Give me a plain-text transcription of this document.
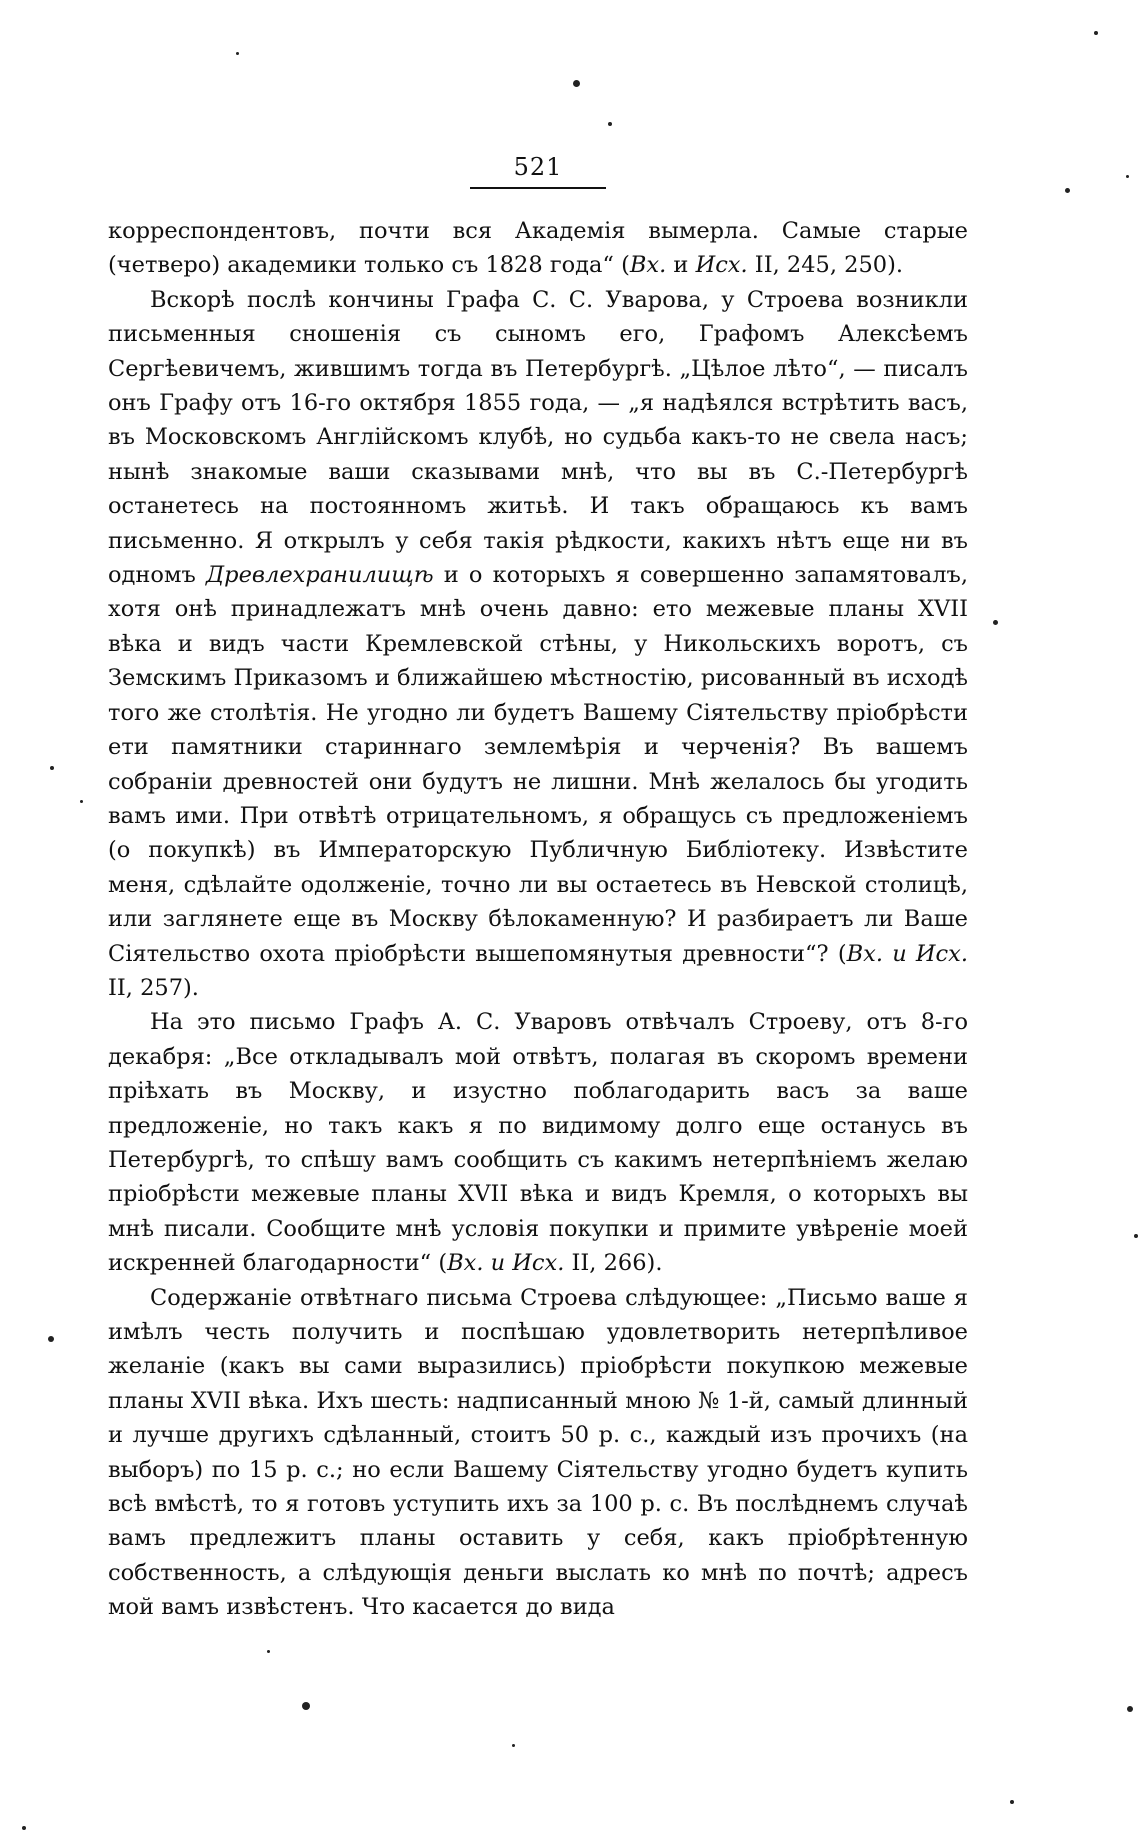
521

корреспондентовъ, почти вся Академія вымерла. Самые старые (четверо) академики только съ 1828 года“ (Вх. и Исх. II, 245, 250).

Вскорѣ послѣ кончины Графа С. С. Уварова, у Строева возникли письменныя сношенія съ сыномъ его, Графомъ Алексѣемъ Сергѣевичемъ, жившимъ тогда въ Петербургѣ. „Цѣлое лѣто“, — писалъ онъ Графу отъ 16-го октября 1855 года, — „я надѣялся встрѣтить васъ, въ Московскомъ Англійскомъ клубѣ, но судьба какъ-то не свела насъ; нынѣ знакомые ваши сказывами мнѣ, что вы въ С.-Петербургѣ останетесь на постоянномъ житьѣ. И такъ обращаюсь къ вамъ письменно. Я открылъ у себя такія рѣдкости, какихъ нѣтъ еще ни въ одномъ Древлехранилищѣ и о которыхъ я совершенно запамятовалъ, хотя онѣ принадлежатъ мнѣ очень давно: ето межевые планы XVII вѣка и видъ части Кремлевской стѣны, у Никольскихъ воротъ, съ Земскимъ Приказомъ и ближайшею мѣстностію, рисованный въ исходѣ того же столѣтія. Не угодно ли будетъ Вашему Сіятельству пріобрѣсти ети памятники стариннаго землемѣрія и черченія? Въ вашемъ собраніи древностей они будутъ не лишни. Мнѣ желалось бы угодить вамъ ими. При отвѣтѣ отрицательномъ, я обращусь съ предложеніемъ (о покупкѣ) въ Императорскую Публичную Библіотеку. Извѣстите меня, сдѣлайте одолженіе, точно ли вы остаетесь въ Невской столицѣ, или заглянете еще въ Москву бѣлокаменную? И разбираетъ ли Ваше Сіятельство охота пріобрѣсти вышепомянутыя древности“? (Вх. и Исх. II, 257).

На это письмо Графъ А. С. Уваровъ отвѣчалъ Строеву, отъ 8-го декабря: „Все откладывалъ мой отвѣтъ, полагая въ скоромъ времени пріѣхать въ Москву, и изустно поблагодарить васъ за ваше предложеніе, но такъ какъ я по видимому долго еще останусь въ Петербургѣ, то спѣшу вамъ сообщить съ какимъ нетерпѣніемъ желаю пріобрѣсти межевые планы XVII вѣка и видъ Кремля, о которыхъ вы мнѣ писали. Сообщите мнѣ условія покупки и примите увѣреніе моей искренней благодарности“ (Вх. и Исх. II, 266).

Содержаніе отвѣтнаго письма Строева слѣдующее: „Письмо ваше я имѣлъ честь получить и поспѣшаю удовлетворить нетерпѣливое желаніе (какъ вы сами выразились) пріобрѣсти покупкою межевые планы XVII вѣка. Ихъ шесть: надписанный мною № 1-й, самый длинный и лучше другихъ сдѣланный, стоитъ 50 р. с., каждый изъ прочихъ (на выборъ) по 15 р. с.; но если Вашему Сіятельству угодно будетъ купить всѣ вмѣстѣ, то я готовъ уступить ихъ за 100 р. с. Въ послѣднемъ случаѣ вамъ предлежитъ планы оставить у себя, какъ пріобрѣтенную собственность, а слѣдующія деньги выслать ко мнѣ по почтѣ; адресъ мой вамъ извѣстенъ. Что касается до вида
